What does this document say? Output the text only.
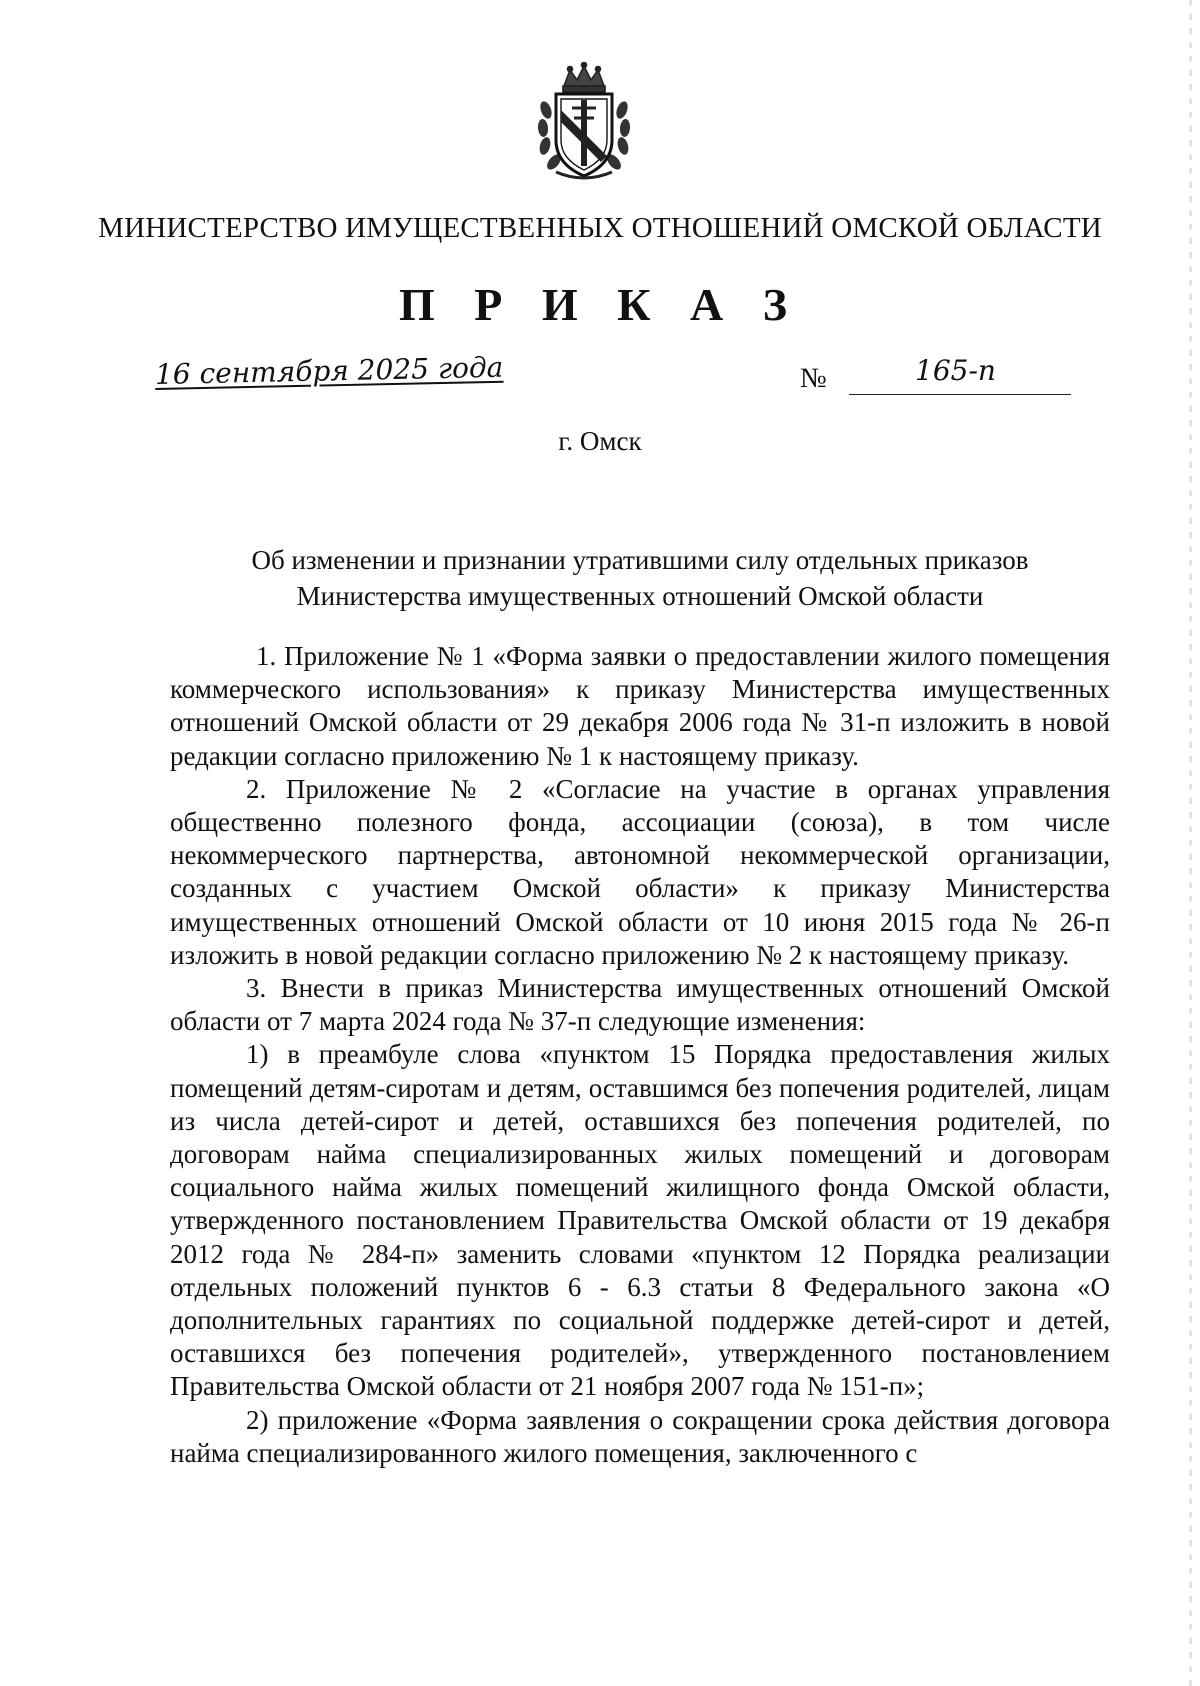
МИНИСТЕРСТВО ИМУЩЕСТВЕННЫХ ОТНОШЕНИЙ ОМСКОЙ ОБЛАСТИ
П Р И К А З
16 сентября 2025 года	№	165-п
г. Омск
Об изменении и признании утратившими силу отдельных приказов
Министерства имущественных отношений Омской области

1. Приложение № 1 «Форма заявки о предоставлении жилого помещения коммерческого использования» к приказу Министерства имущественных отношений Омской области от 29 декабря 2006 года № 31-п изложить в новой редакции согласно приложению № 1 к настоящему приказу.

2. Приложение № 2 «Согласие на участие в органах управления общественно полезного фонда, ассоциации (союза), в том числе некоммерческого партнерства, автономной некоммерческой организации, созданных с участием Омской области» к приказу Министерства имущественных отношений Омской области от 10 июня 2015 года № 26-п изложить в новой редакции согласно приложению № 2 к настоящему приказу.

3. Внести в приказ Министерства имущественных отношений Омской области от 7 марта 2024 года № 37-п следующие изменения:

1) в преамбуле слова «пунктом 15 Порядка предоставления жилых помещений детям-сиротам и детям, оставшимся без попечения родителей, лицам из числа детей-сирот и детей, оставшихся без попечения родителей, по договорам найма специализированных жилых помещений и договорам социального найма жилых помещений жилищного фонда Омской области, утвержденного постановлением Правительства Омской области от 19 декабря 2012 года № 284-п» заменить словами «пунктом 12 Порядка реализации отдельных положений пунктов 6 - 6.3 статьи 8 Федерального закона «О дополнительных гарантиях по социальной поддержке детей-сирот и детей, оставшихся без попечения родителей», утвержденного постановлением Правительства Омской области от 21 ноября 2007 года № 151-п»;

2) приложение «Форма заявления о сокращении срока действия договора найма специализированного жилого помещения, заключенного с
